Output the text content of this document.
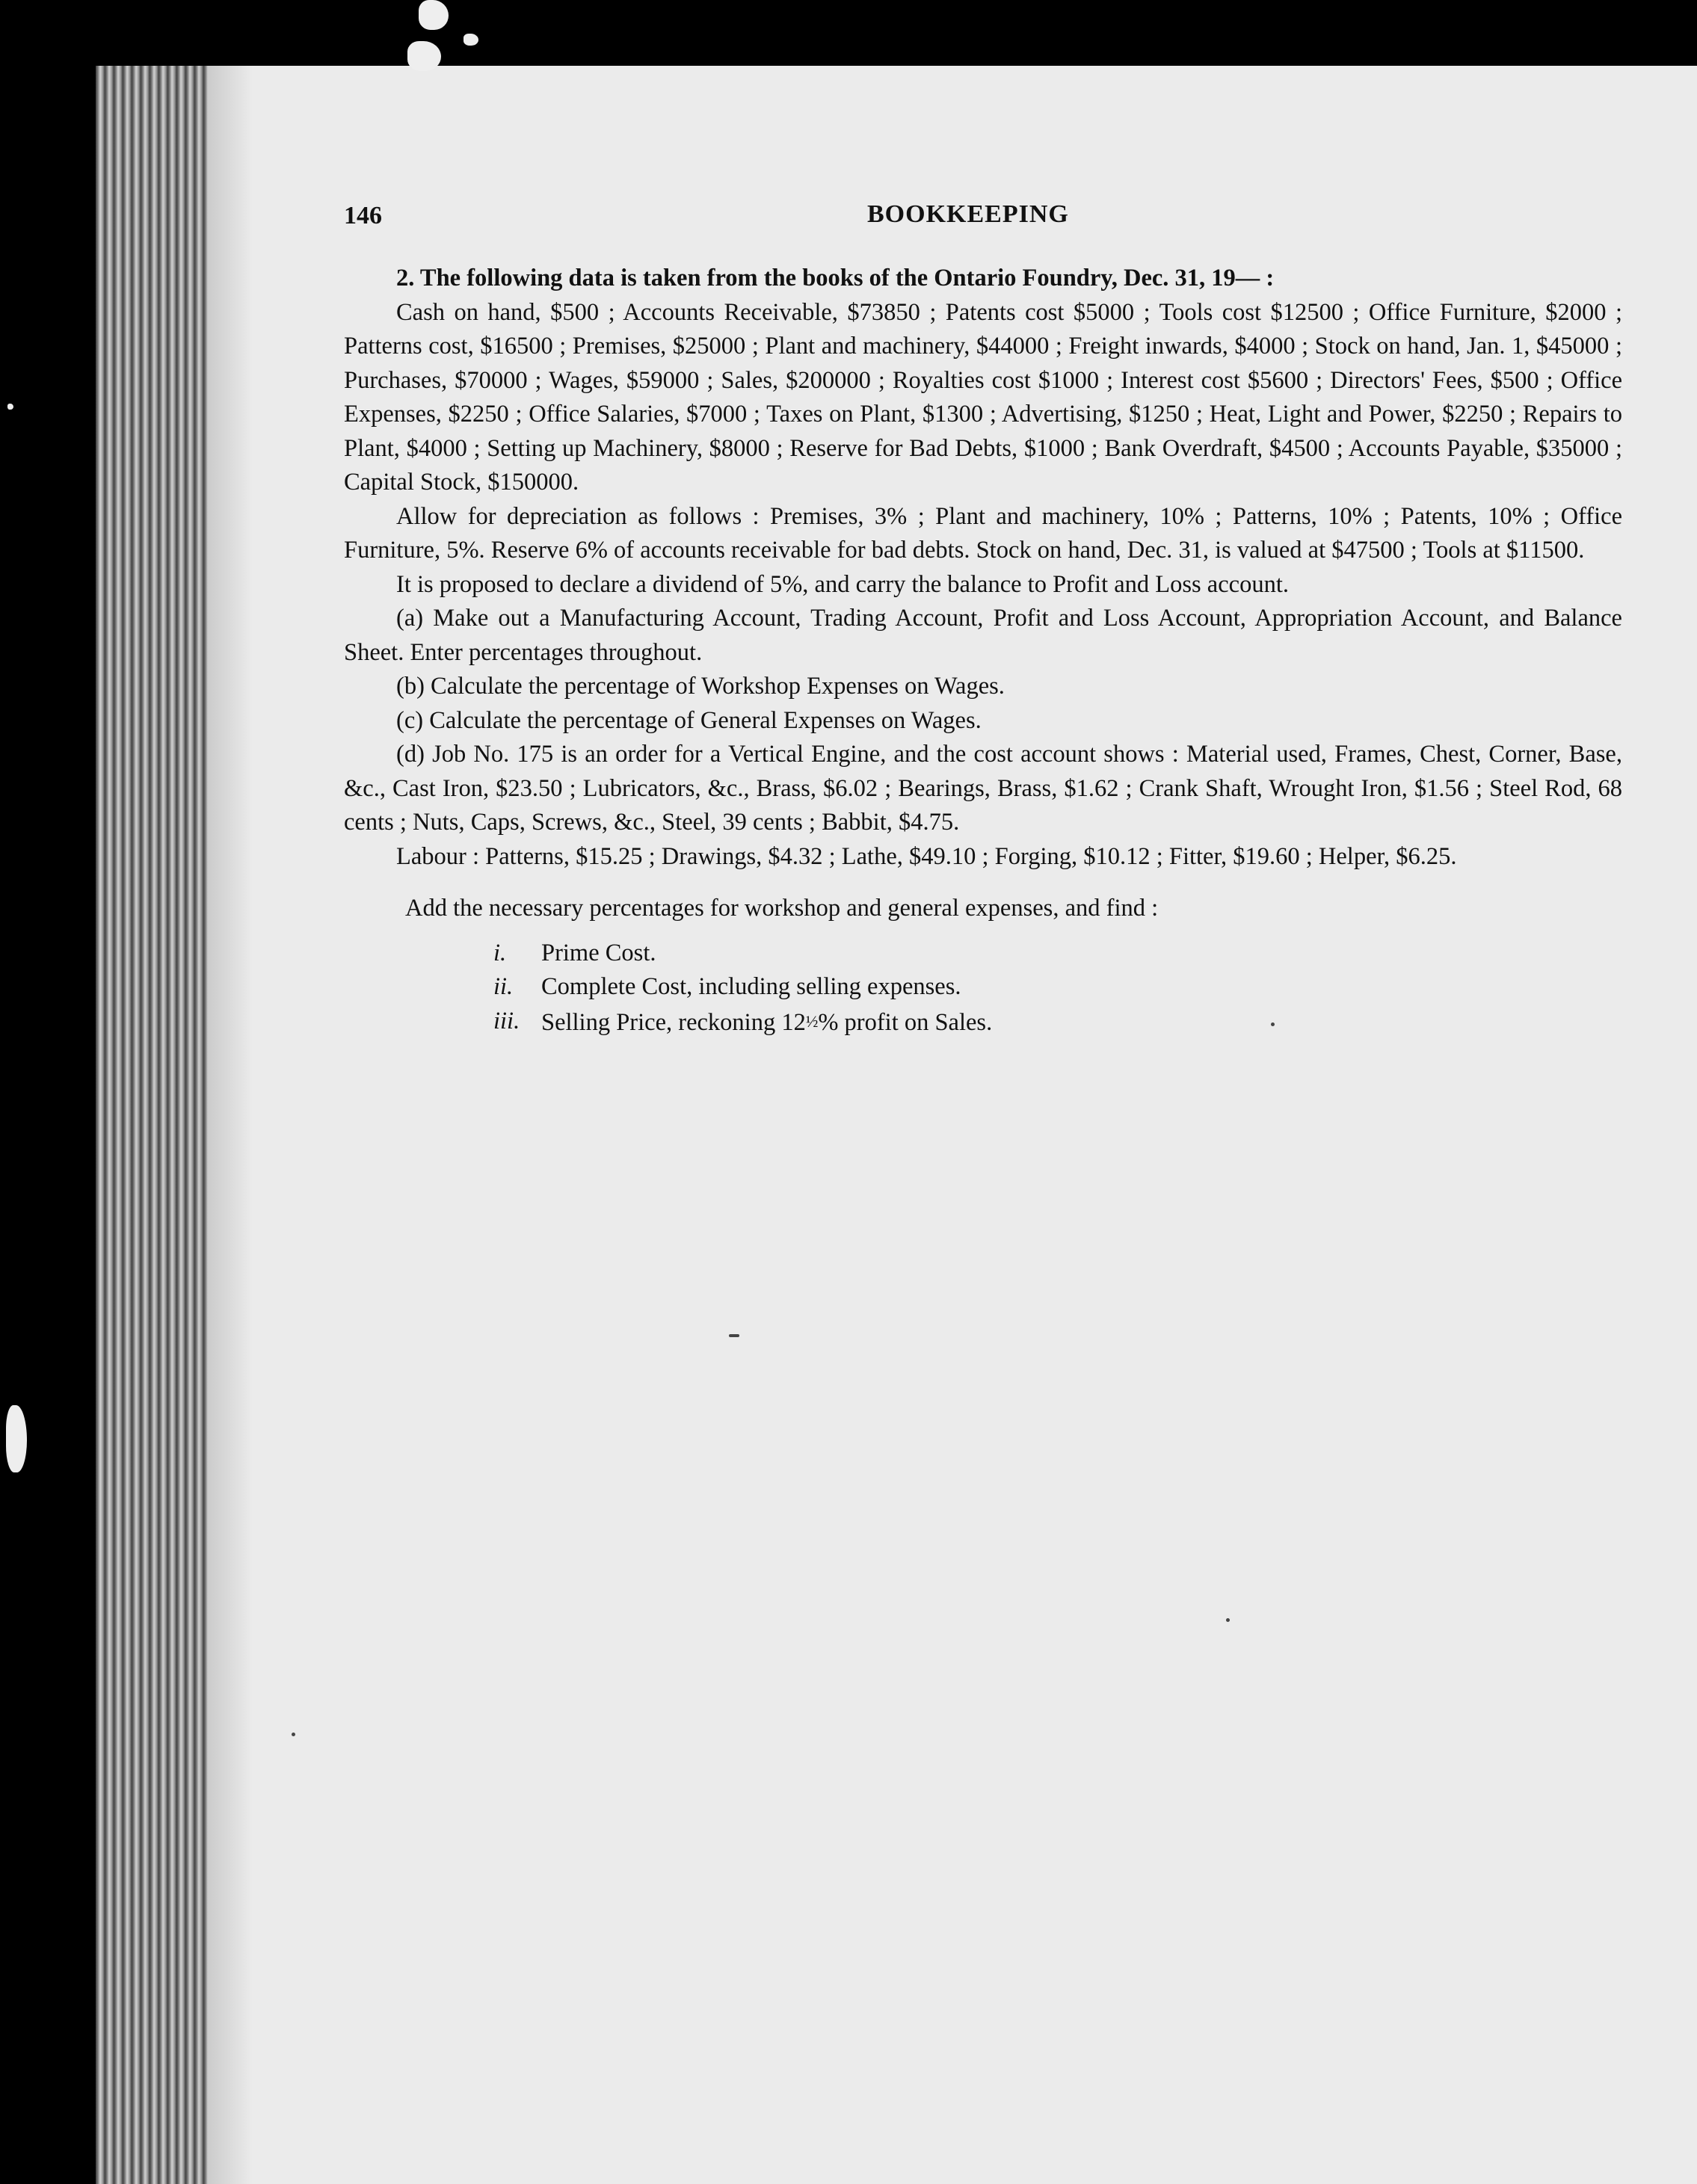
146	BOOKKEEPING

2. The following data is taken from the books of the Ontario Foundry, Dec. 31, 19— :

Cash on hand, $500 ; Accounts Receivable, $73850 ; Patents cost $5000 ; Tools cost $12500 ; Office Furniture, $2000 ; Patterns cost, $16500 ; Premises, $25000 ; Plant and machinery, $44000 ; Freight inwards, $4000 ; Stock on hand, Jan. 1, $45000 ; Purchases, $70000 ; Wages, $59000 ; Sales, $200000 ; Royalties cost $1000 ; Interest cost $5600 ; Directors' Fees, $500 ; Office Expenses, $2250 ; Office Salaries, $7000 ; Taxes on Plant, $1300 ; Advertising, $1250 ; Heat, Light and Power, $2250 ; Repairs to Plant, $4000 ; Setting up Machinery, $8000 ; Reserve for Bad Debts, $1000 ; Bank Overdraft, $4500 ; Accounts Payable, $35000 ; Capital Stock, $150000.

Allow for depreciation as follows : Premises, 3% ; Plant and machinery, 10% ; Patterns, 10% ; Patents, 10% ; Office Furniture, 5%. Reserve 6% of accounts receivable for bad debts. Stock on hand, Dec. 31, is valued at $47500 ; Tools at $11500.

It is proposed to declare a dividend of 5%, and carry the balance to Profit and Loss account.

(a) Make out a Manufacturing Account, Trading Account, Profit and Loss Account, Appropriation Account, and Balance Sheet. Enter percentages throughout.

(b) Calculate the percentage of Workshop Expenses on Wages.

(c) Calculate the percentage of General Expenses on Wages.

(d) Job No. 175 is an order for a Vertical Engine, and the cost account shows : Material used, Frames, Chest, Corner, Base, &c., Cast Iron, $23.50 ; Lubricators, &c., Brass, $6.02 ; Bearings, Brass, $1.62 ; Crank Shaft, Wrought Iron, $1.56 ; Steel Rod, 68 cents ; Nuts, Caps, Screws, &c., Steel, 39 cents ; Babbit, $4.75.

Labour : Patterns, $15.25 ; Drawings, $4.32 ; Lathe, $49.10 ; Forging, $10.12 ; Fitter, $19.60 ; Helper, $6.25.

Add the necessary percentages for workshop and general expenses, and find :

i.	Prime Cost.
ii.	Complete Cost, including selling expenses.
iii. Selling Price, reckoning 12½% profit on Sales.
